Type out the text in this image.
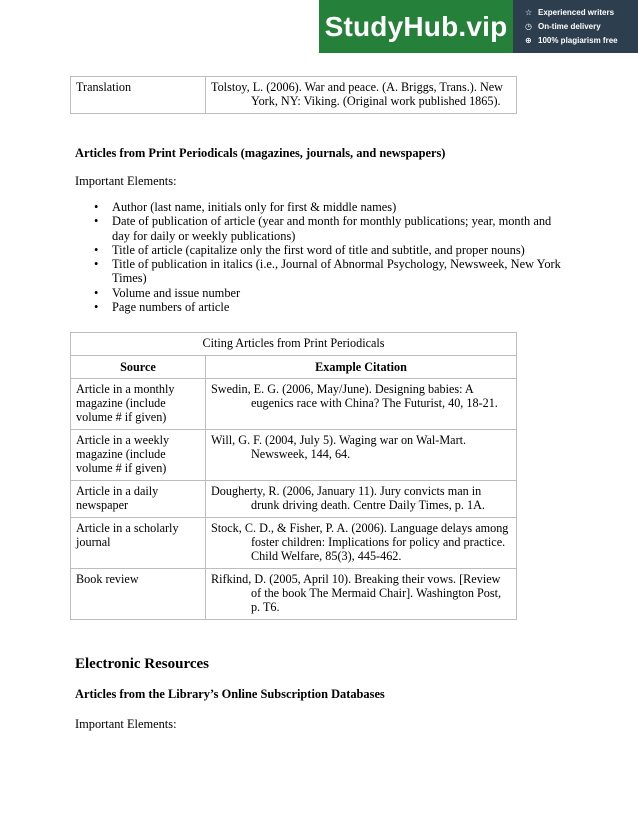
StudyHub.vip	☆ Experienced writers
◷ On-time delivery
⊕ 100% plagiarism free
Translation	Tolstoy, L. (2006). War and peace. (A. Briggs, Trans.). New York, NY: Viking. (Original work published 1865).
Articles from Print Periodicals (magazines, journals, and newspapers)
Important Elements:
• Author (last name, initials only for first & middle names)
• Date of publication of article (year and month for monthly publications; year, month and day for daily or weekly publications)
• Title of article (capitalize only the first word of title and subtitle, and proper nouns)
• Title of publication in italics (i.e., Journal of Abnormal Psychology, Newsweek, New York Times)
• Volume and issue number
• Page numbers of article
Citing Articles from Print Periodicals	
Source	Example Citation
Article in a monthly magazine (include volume # if given)	Swedin, E. G. (2006, May/June). Designing babies: A eugenics race with China? The Futurist, 40, 18-21.

Article in a weekly magazine (include volume # if given)	Will, G. F. (2004, July 5). Waging war on Wal-Mart. Newsweek, 144, 64.

Article in a daily newspaper	Dougherty, R. (2006, January 11). Jury convicts man in drunk driving death. Centre Daily Times, p. 1A.

Article in a scholarly journal	Stock, C. D., & Fisher, P. A. (2006). Language delays among foster children: Implications for policy and practice. Child Welfare, 85(3), 445-462.

Book review	Rifkind, D. (2005, April 10). Breaking their vows. [Review of the book The Mermaid Chair]. Washington Post, p. T6.
Electronic Resources
Articles from the Library’s Online Subscription Databases
Important Elements:
